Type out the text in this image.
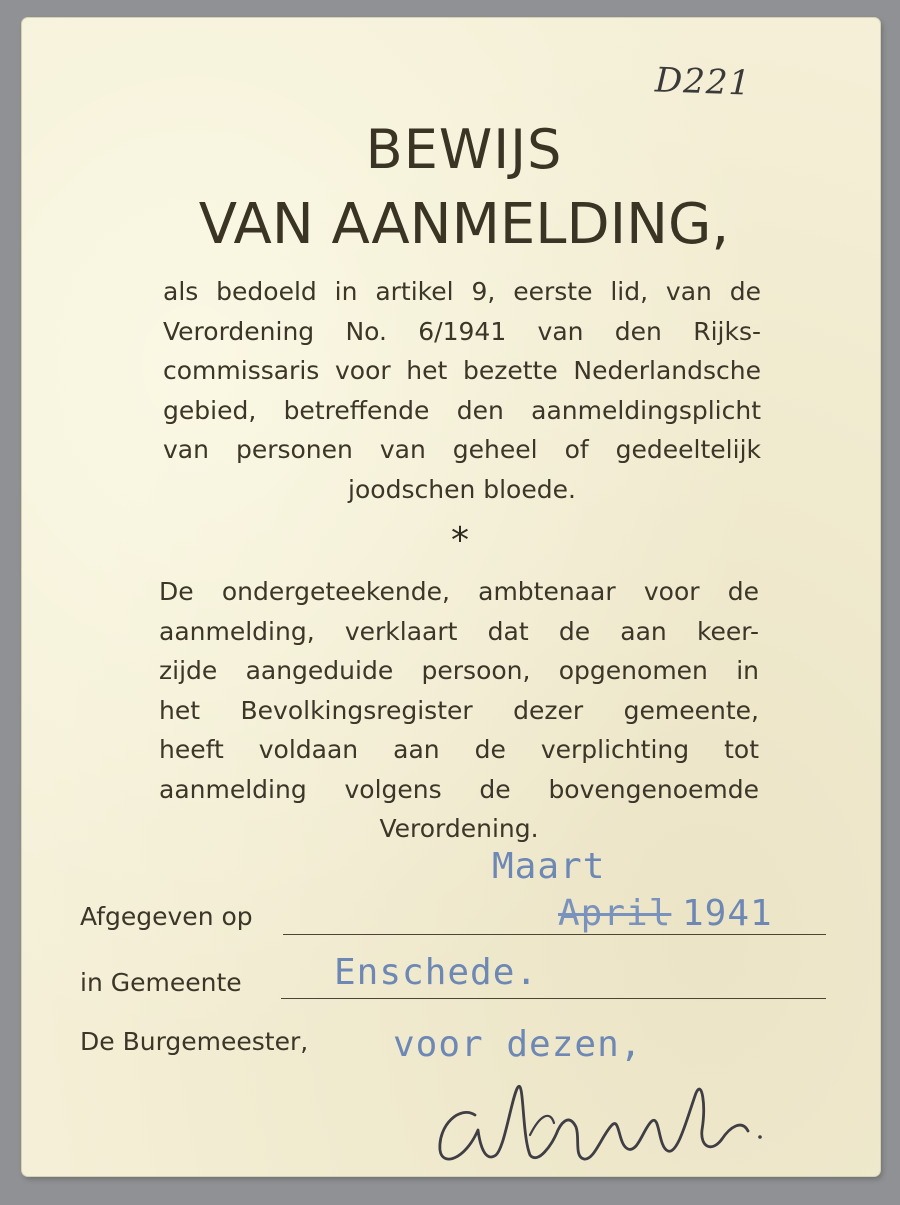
D221
BEWIJS
VAN AANMELDING,
als bedoeld in artikel 9, eerste lid, van de
Verordening No. 6/1941 van den Rijks-
commissaris voor het bezette Nederlandsche
gebied, betreffende den aanmeldingsplicht
van personen van geheel of gedeeltelijk
joodschen bloede.
*
De ondergeteekende, ambtenaar voor de
aanmelding, verklaart dat de aan keer-
zijde aangeduide persoon, opgenomen in
het Bevolkingsregister dezer gemeente,
heeft voldaan aan de verplichting tot
aanmelding volgens de bovengenoemde
Verordening.
Maart
Afgegeven op	April 1941
in Gemeente	Enschede.
De Burgemeester, voor dezen,
